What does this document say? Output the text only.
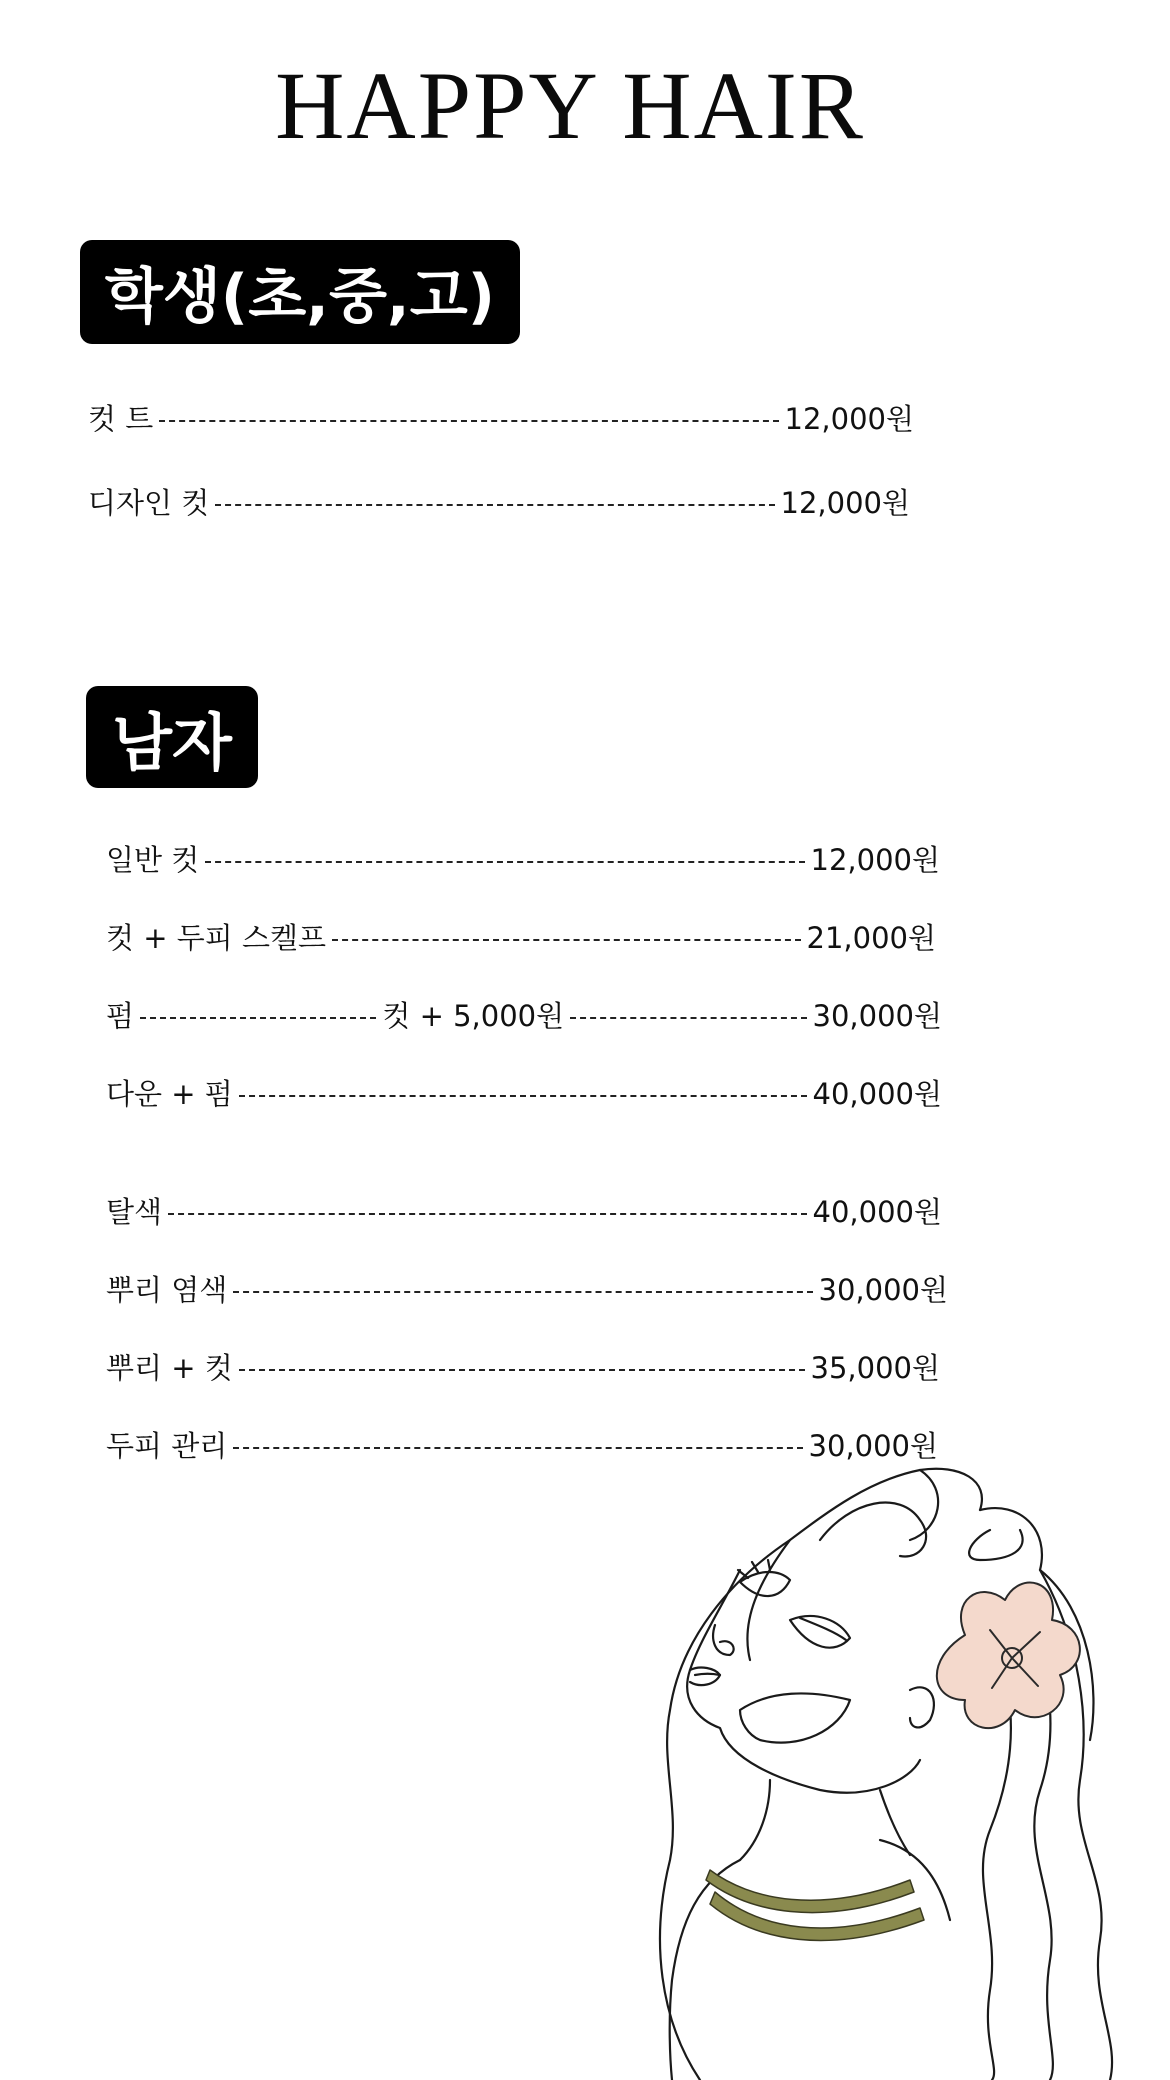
HAPPY HAIR
학생(초,중,고)
컷 트	12,000원
디자인 컷	12,000원
남자
일반 컷	12,000원
컷 + 두피 스켈프	21,000원
펌	컷 + 5,000원	30,000원
다운 + 펌	40,000원
탈색	40,000원
뿌리 염색	30,000원
뿌리 + 컷	35,000원
두피 관리	30,000원
